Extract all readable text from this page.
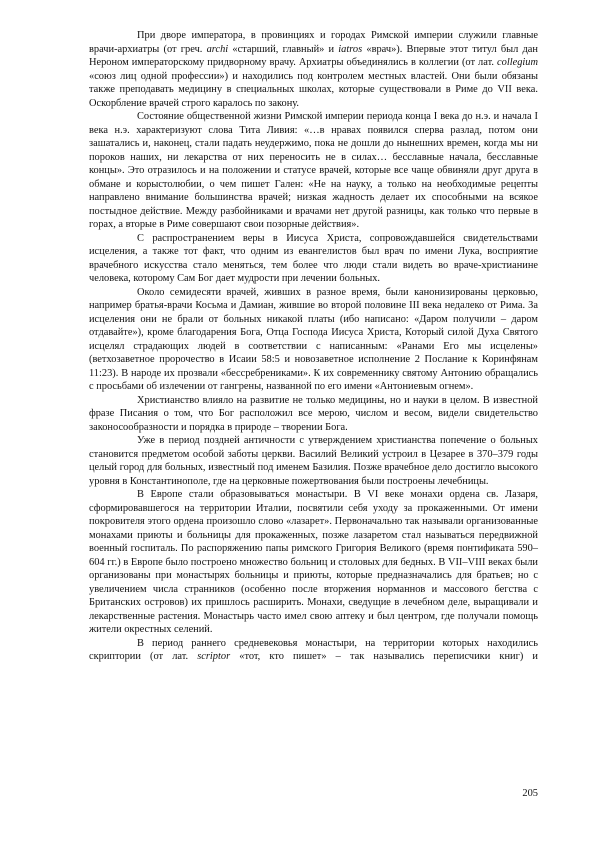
При дворе императора, в провинциях и городах Римской империи служили главные врачи-архиатры (от греч. archi «старший, главный» и iatros «врач»). Впервые этот титул был дан Нероном императорскому придворному врачу. Архиатры объединялись в коллегии (от лат. collegium «союз лиц одной профессии») и находились под контролем местных властей. Они были обязаны также преподавать медицину в специальных школах, которые существовали в Риме до VII века. Оскорбление врачей строго каралось по закону.

Состояние общественной жизни Римской империи периода конца I века до н.э. и начала I века н.э. характеризуют слова Тита Ливия: «…в нравах появился сперва разлад, потом они зашатались и, наконец, стали падать неудержимо, пока не дошли до нынешних времен, когда мы ни пороков наших, ни лекарства от них переносить не в силах… бесславные начала, бесславные концы». Это отразилось и на положении и статусе врачей, которые все чаще обвиняли друг друга в обмане и корыстолюбии, о чем пишет Гален: «Не на науку, а только на необходимые рецепты направлено внимание большинства врачей; низкая жадность делает их способными на всякое постыдное действие. Между разбойниками и врачами нет другой разницы, как только что первые в горах, а вторые в Риме совершают свои позорные действия».

С распространением веры в Иисуса Христа, сопровождавшейся свидетельствами исцеления, а также тот факт, что одним из евангелистов был врач по имени Лука, восприятие врачебного искусства стало меняться, тем более что люди стали видеть во враче-христианине человека, которому Сам Бог дает мудрости при лечении больных.

Около семидесяти врачей, живших в разное время, были канонизированы церковью, например братья-врачи Косьма и Дамиан, жившие во второй половине III века недалеко от Рима. За исцеления они не брали от больных никакой платы (ибо написано: «Даром получили – даром отдавайте»), кроме благодарения Бога, Отца Господа Иисуса Христа, Который силой Духа Святого исцелял страдающих людей в соответствии с написанным: «Ранами Его мы исцелены» (ветхозаветное пророчество в Исаии 58:5 и новозаветное исполнение 2 Послание к Коринфянам 11:23). В народе их прозвали «бессребрениками». К их современнику святому Антонию обращались с просьбами об излечении от гангрены, названной по его имени «Антониевым огнем».

Христианство влияло на развитие не только медицины, но и науки в целом. В известной фразе Писания о том, что Бог расположил все мерою, числом и весом, видели свидетельство законосообразности и порядка в природе – творении Бога.

Уже в период поздней античности с утверждением христианства попечение о больных становится предметом особой заботы церкви. Василий Великий устроил в Цезарее в 370–379 годы целый город для больных, известный под именем Базилия. Позже врачебное дело достигло высокого уровня в Константинополе, где на церковные пожертвования были построены лечебницы.

В Европе стали образовываться монастыри. В VI веке монахи ордена св. Лазаря, сформировавшегося на территории Италии, посвятили себя уходу за прокаженными. От имени покровителя этого ордена произошло слово «лазарет». Первоначально так называли организованные монахами приюты и больницы для прокаженных, позже лазаретом стал называться передвижной военный госпиталь. По распоряжению папы римского Григория Великого (время понтификата 590–604 гг.) в Европе было построено множество больниц и столовых для бедных. В VII–VIII веках были организованы при монастырях больницы и приюты, которые предназначались для братьев; но с увеличением числа странников (особенно после вторжения норманнов и массового бегства с Британских островов) их пришлось расширить. Монахи, сведущие в лечебном деле, выращивали и лекарственные растения. Монастырь часто имел свою аптеку и был центром, где получали помощь жители окрестных селений.

В период раннего средневековья монастыри, на территории которых находились скриптории (от лат. scriptor «тот, кто пишет» – так назывались переписчики книг) и

205
